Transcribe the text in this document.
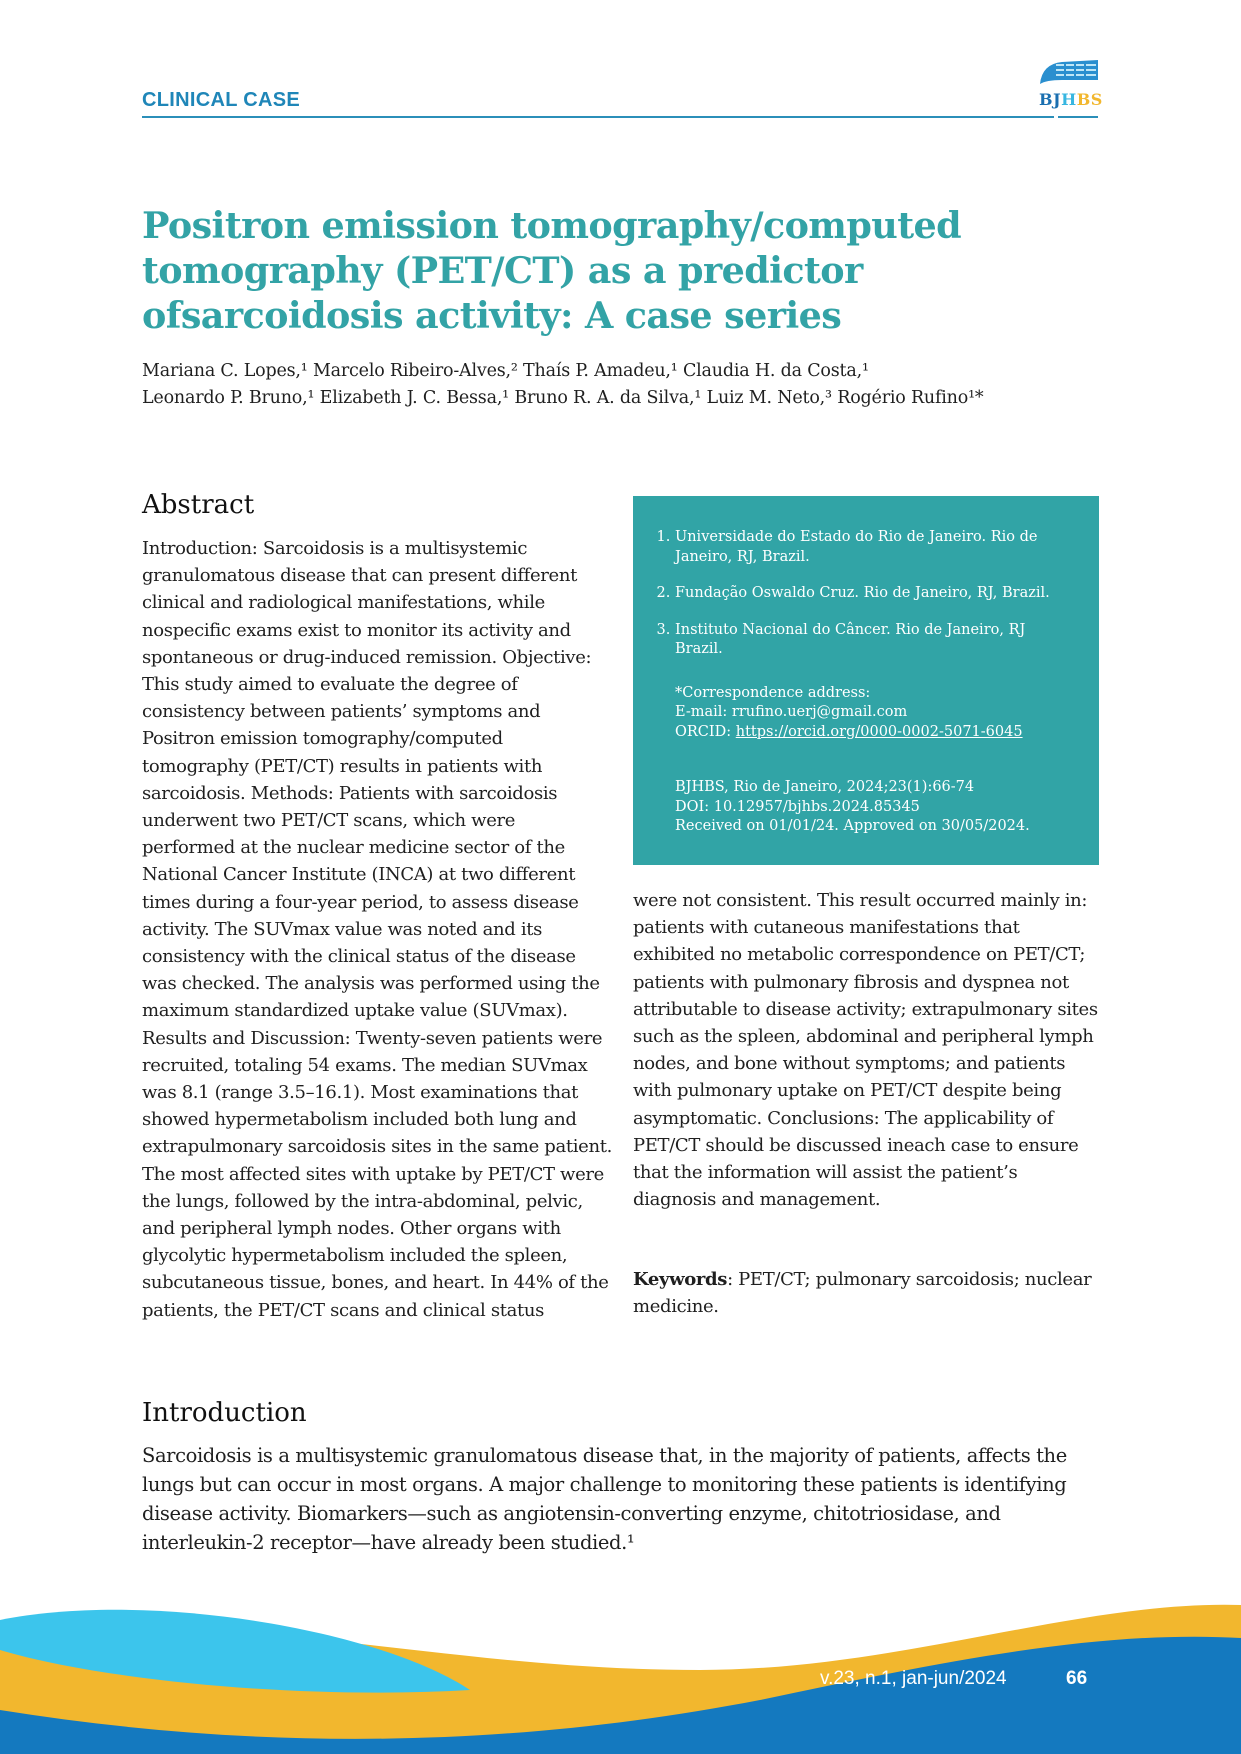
CLINICAL CASE	BJHBS
Positron emission tomography/computed tomography (PET/CT) as a predictor ofsarcoidosis activity: A case series
Mariana C. Lopes,¹ Marcelo Ribeiro-Alves,² Thaís P. Amadeu,¹ Claudia H. da Costa,¹
Leonardo P. Bruno,¹ Elizabeth J. C. Bessa,¹ Bruno R. A. da Silva,¹ Luiz M. Neto,³ Rogério Rufino¹*
Abstract

Introduction: Sarcoidosis is a multisystemic granulomatous disease that can present different clinical and radiological manifestations, while nospecific exams exist to monitor its activity and spontaneous or drug-induced remission. Objective: This study aimed to evaluate the degree of consistency between patients’ symptoms and Positron emission tomography/computed tomography (PET/CT) results in patients with sarcoidosis. Methods: Patients with sarcoidosis underwent two PET/CT scans, which were performed at the nuclear medicine sector of the National Cancer Institute (INCA) at two different times during a four-year period, to assess disease activity. The SUVmax value was noted and its consistency with the clinical status of the disease was checked. The analysis was performed using the maximum standardized uptake value (SUVmax). Results and Discussion: Twenty-seven patients were recruited, totaling 54 exams. The median SUVmax was 8.1 (range 3.5–16.1). Most examinations that showed hypermetabolism included both lung and extrapulmonary sarcoidosis sites in the same patient. The most affected sites with uptake by PET/CT were the lungs, followed by the intra-abdominal, pelvic, and peripheral lymph nodes. Other organs with glycolytic hypermetabolism included the spleen, subcutaneous tissue, bones, and heart. In 44% of the patients, the PET/CT scans and clinical status

1. Universidade do Estado do Rio de Janeiro. Rio de Janeiro, RJ, Brazil.
2. Fundação Oswaldo Cruz. Rio de Janeiro, RJ, Brazil.
3. Instituto Nacional do Câncer. Rio de Janeiro, RJ Brazil.
*Correspondence address:
E-mail: rrufino.uerj@gmail.com
ORCID: https://orcid.org/0000-0002-5071-6045
BJHBS, Rio de Janeiro, 2024;23(1):66-74
DOI: 10.12957/bjhbs.2024.85345
Received on 01/01/24. Approved on 30/05/2024.

were not consistent. This result occurred mainly in: patients with cutaneous manifestations that exhibited no metabolic correspondence on PET/CT; patients with pulmonary fibrosis and dyspnea not attributable to disease activity; extrapulmonary sites such as the spleen, abdominal and peripheral lymph nodes, and bone without symptoms; and patients with pulmonary uptake on PET/CT despite being asymptomatic. Conclusions: The applicability of PET/CT should be discussed ineach case to ensure that the information will assist the patient’s diagnosis and management.

Keywords: PET/CT; pulmonary sarcoidosis; nuclear medicine.
Introduction

Sarcoidosis is a multisystemic granulomatous disease that, in the majority of patients, affects the lungs but can occur in most organs. A major challenge to monitoring these patients is identifying disease activity. Biomarkers—such as angiotensin-converting enzyme, chitotriosidase, and interleukin-2 receptor—have already been studied.¹

v.23, n.1, jan-jun/2024	66
